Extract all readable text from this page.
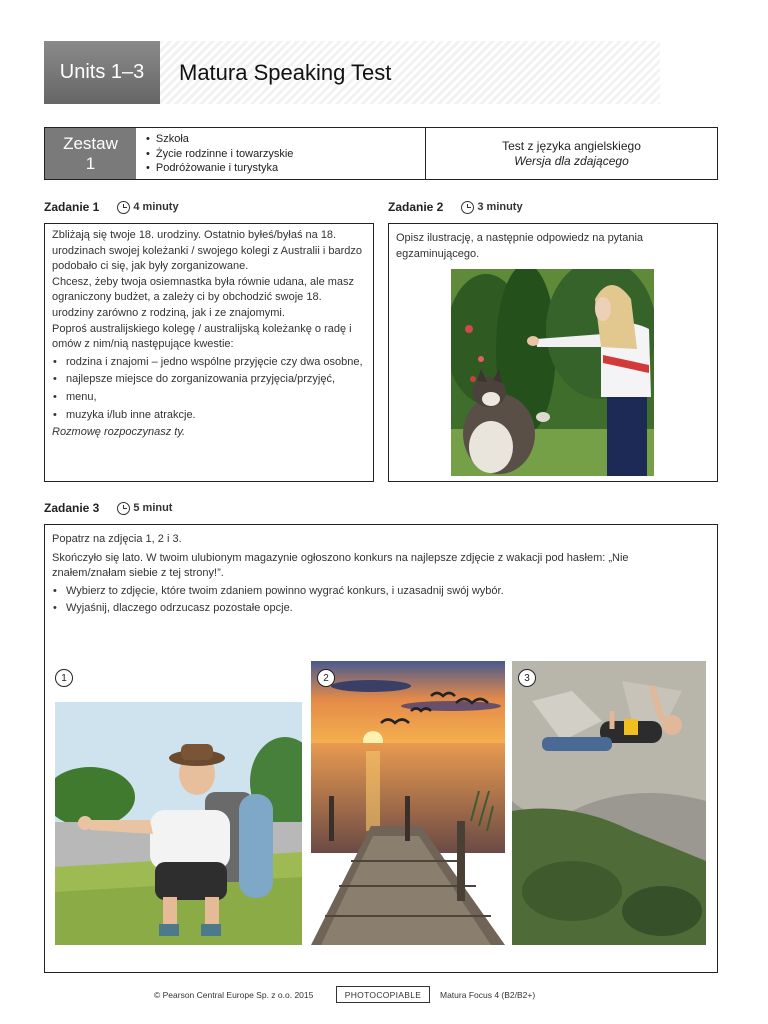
Units 1–3	Matura Speaking Test
Zestaw
1
• Szkoła
• Życie rodzinne i towarzyskie
• Podróżowanie i turystyka
Test z języka angielskiego
Wersja dla zdającego
Zadanie 1	4 minuty

Zbliżają się twoje 18. urodziny. Ostatnio byłeś/byłaś na 18. urodzinach swojej koleżanki / swojego kolegi z Australii i bardzo podobało ci się, jak były zorganizowane.

Chcesz, żeby twoja osiemnastka była równie udana, ale masz ograniczony budżet, a zależy ci by obchodzić swoje 18. urodziny zarówno z rodziną, jak i ze znajomymi.

Poproś australijskiego kolegę / australijską koleżankę o radę i omów z nim/nią następujące kwestie:

• rodzina i znajomi – jedno wspólne przyjęcie czy dwa osobne,
• najlepsze miejsce do zorganizowania przyjęcia/przyjęć,
• menu,
• muzyka i/lub inne atrakcje.

Rozmowę rozpoczynasz ty.

Zadanie 2	3 minuty

Opisz ilustrację, a następnie odpowiedz na pytania egzaminującego.

Zadanie 3	5 minut

Popatrz na zdjęcia 1, 2 i 3.

Skończyło się lato. W twoim ulubionym magazynie ogłoszono konkurs na najlepsze zdjęcie z wakacji pod hasłem: „Nie znałem/znałam siebie z tej strony!”.

• Wybierz to zdjęcie, które twoim zdaniem powinno wygrać konkurs, i uzasadnij swój wybór.
• Wyjaśnij, dlaczego odrzucasz pozostałe opcje.
1	2	3
© Pearson Central Europe Sp. z o.o. 2015	PHOTOCOPIABLE	Matura Focus 4 (B2/B2+)
